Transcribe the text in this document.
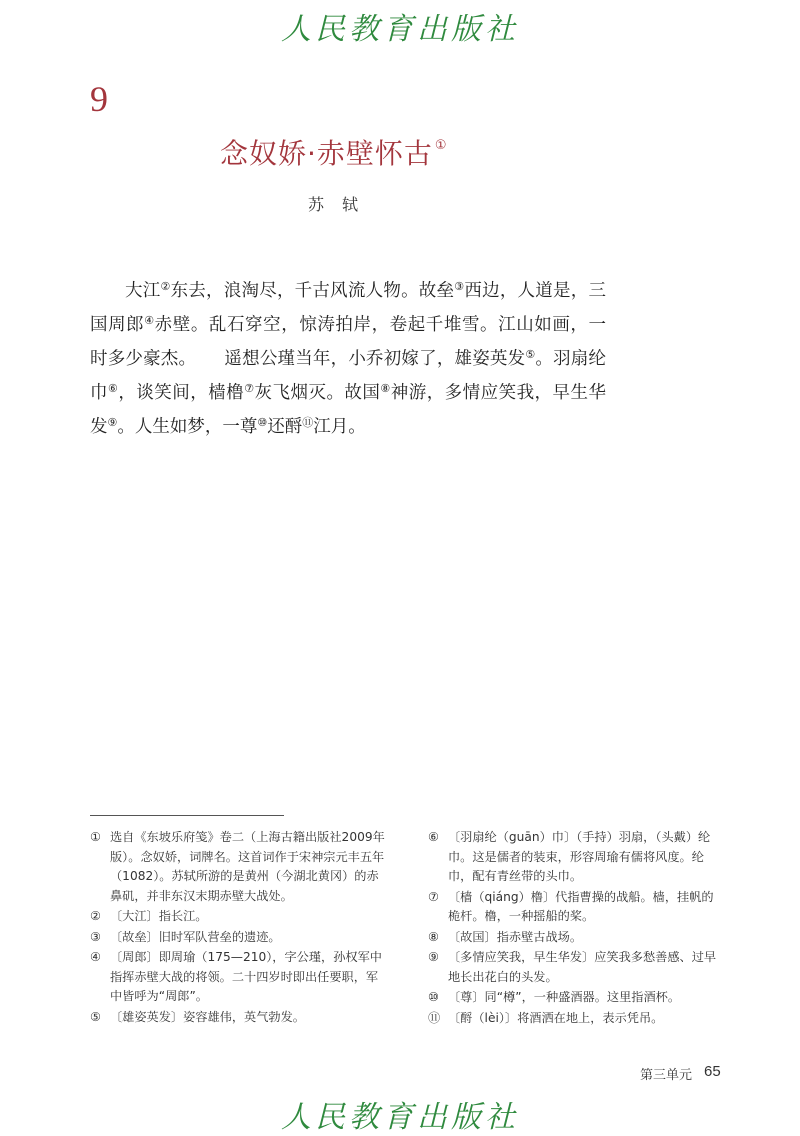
人民教育出版社
9
念奴娇·赤壁怀古 ①
苏轼

大江②东去，浪淘尽，千古风流人物。故垒③西边，人道是，三国周郎④赤壁。乱石穿空，惊涛拍岸，卷起千堆雪。江山如画，一时多少豪杰。 遥想公瑾当年，小乔初嫁了，雄姿英发⑤。羽扇纶巾⑥，谈笑间，樯橹⑦灰飞烟灭。故国⑧神游，多情应笑我，早生华发⑨。人生如梦，一尊⑩还酹⑪江月。

① 选自《东坡乐府笺》卷二（上海古籍出版社2009年版）。念奴娇，词牌名。这首词作于宋神宗元丰五年（1082）。苏轼所游的是黄州（今湖北黄冈）的赤鼻矶，并非东汉末期赤壁大战处。
② 〔大江〕指长江。
③ 〔故垒〕旧时军队营垒的遗迹。
④ 〔周郎〕即周瑜（175—210），字公瑾，孙权军中指挥赤壁大战的将领。二十四岁时即出任要职，军中皆呼为“周郎”。
⑤ 〔雄姿英发〕姿容雄伟，英气勃发。
⑥ 〔羽扇纶（guān）巾〕（手持）羽扇，（头戴）纶巾。这是儒者的装束，形容周瑜有儒将风度。纶巾，配有青丝带的头巾。
⑦ 〔樯（qiáng）橹〕代指曹操的战船。樯，挂帆的桅杆。橹，一种摇船的桨。
⑧ 〔故国〕指赤壁古战场。
⑨ 〔多情应笑我，早生华发〕应笑我多愁善感、过早地长出花白的头发。
⑩ 〔尊〕同“樽”，一种盛酒器。这里指酒杯。
⑪ 〔酹（lèi）〕将酒洒在地上，表示凭吊。
第三单元 65
人民教育出版社
